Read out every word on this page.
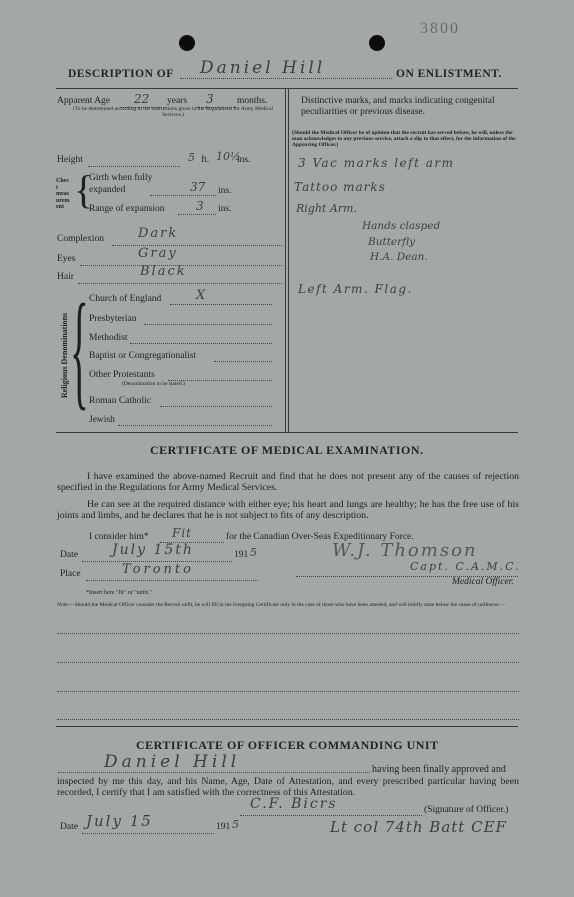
3800
DESCRIPTION OF Daniel Hill	ON ENLISTMENT.
Apparent Age 22 years 3 months.
(To be determined according to the instructions given in the Regulations for Army Medical Services.)
Height	5 ft. 10½
ins.
Chest measurement {
Girth when fully expanded	37 ins.
Range of expansion	3 ins.
Complexion	Dark
Eyes	Gray
Hair	Black
Religious Denominations { Church of England	X
Presbyterian
Methodist
Baptist or Congregationalist
Other Protestants
(Denomination to be stated.)
Roman Catholic
Jewish
Distinctive marks, and marks indicating congenital peculiarities or previous disease.
(Should the Medical Officer be of opinion that the recruit has served before, he will, unless the man acknowledges to any previous service, attach a slip to that effect, for the information of the Approving Officer.)
3 Vac marks left arm
Tattoo marks
Right Arm.
Hands clasped
Butterfly
H.A. Dean.
Left Arm. Flag.
CERTIFICATE OF MEDICAL EXAMINATION.
I have examined the above-named Recruit and find that he does not present any of the causes of rejection specified in the Regulations for Army Medical Services.
He can see at the required distance with either eye; his heart and lungs are healthy; he has the free use of his joints and limbs, and he declares that he is not subject to fits of any description.
I consider him* Fit	for the Canadian Over-Seas Expeditionary Force.
Date July 15th	191 5
Place	Toronto
W.J. Thomson
Capt. C.A.M.C.
Medical Officer.
*Insert here "fit" or "unfit."
Note.—Should the Medical Officer consider the Recruit unfit, he will fill in the foregoing Certificate only in the case of those who have been attested, and will briefly state below the cause of unfitness:—
CERTIFICATE OF OFFICER COMMANDING UNIT
Daniel Hill	having been finally approved and
inspected by me this day, and his Name, Age, Date of Attestation, and every prescribed particular having been recorded, I certify that I am satisfied with the correctness of this Attestation.
C.F. Bicrs	(Signature of Officer.)
Date July 15	191 5	Lt col 74th Batt CEF
